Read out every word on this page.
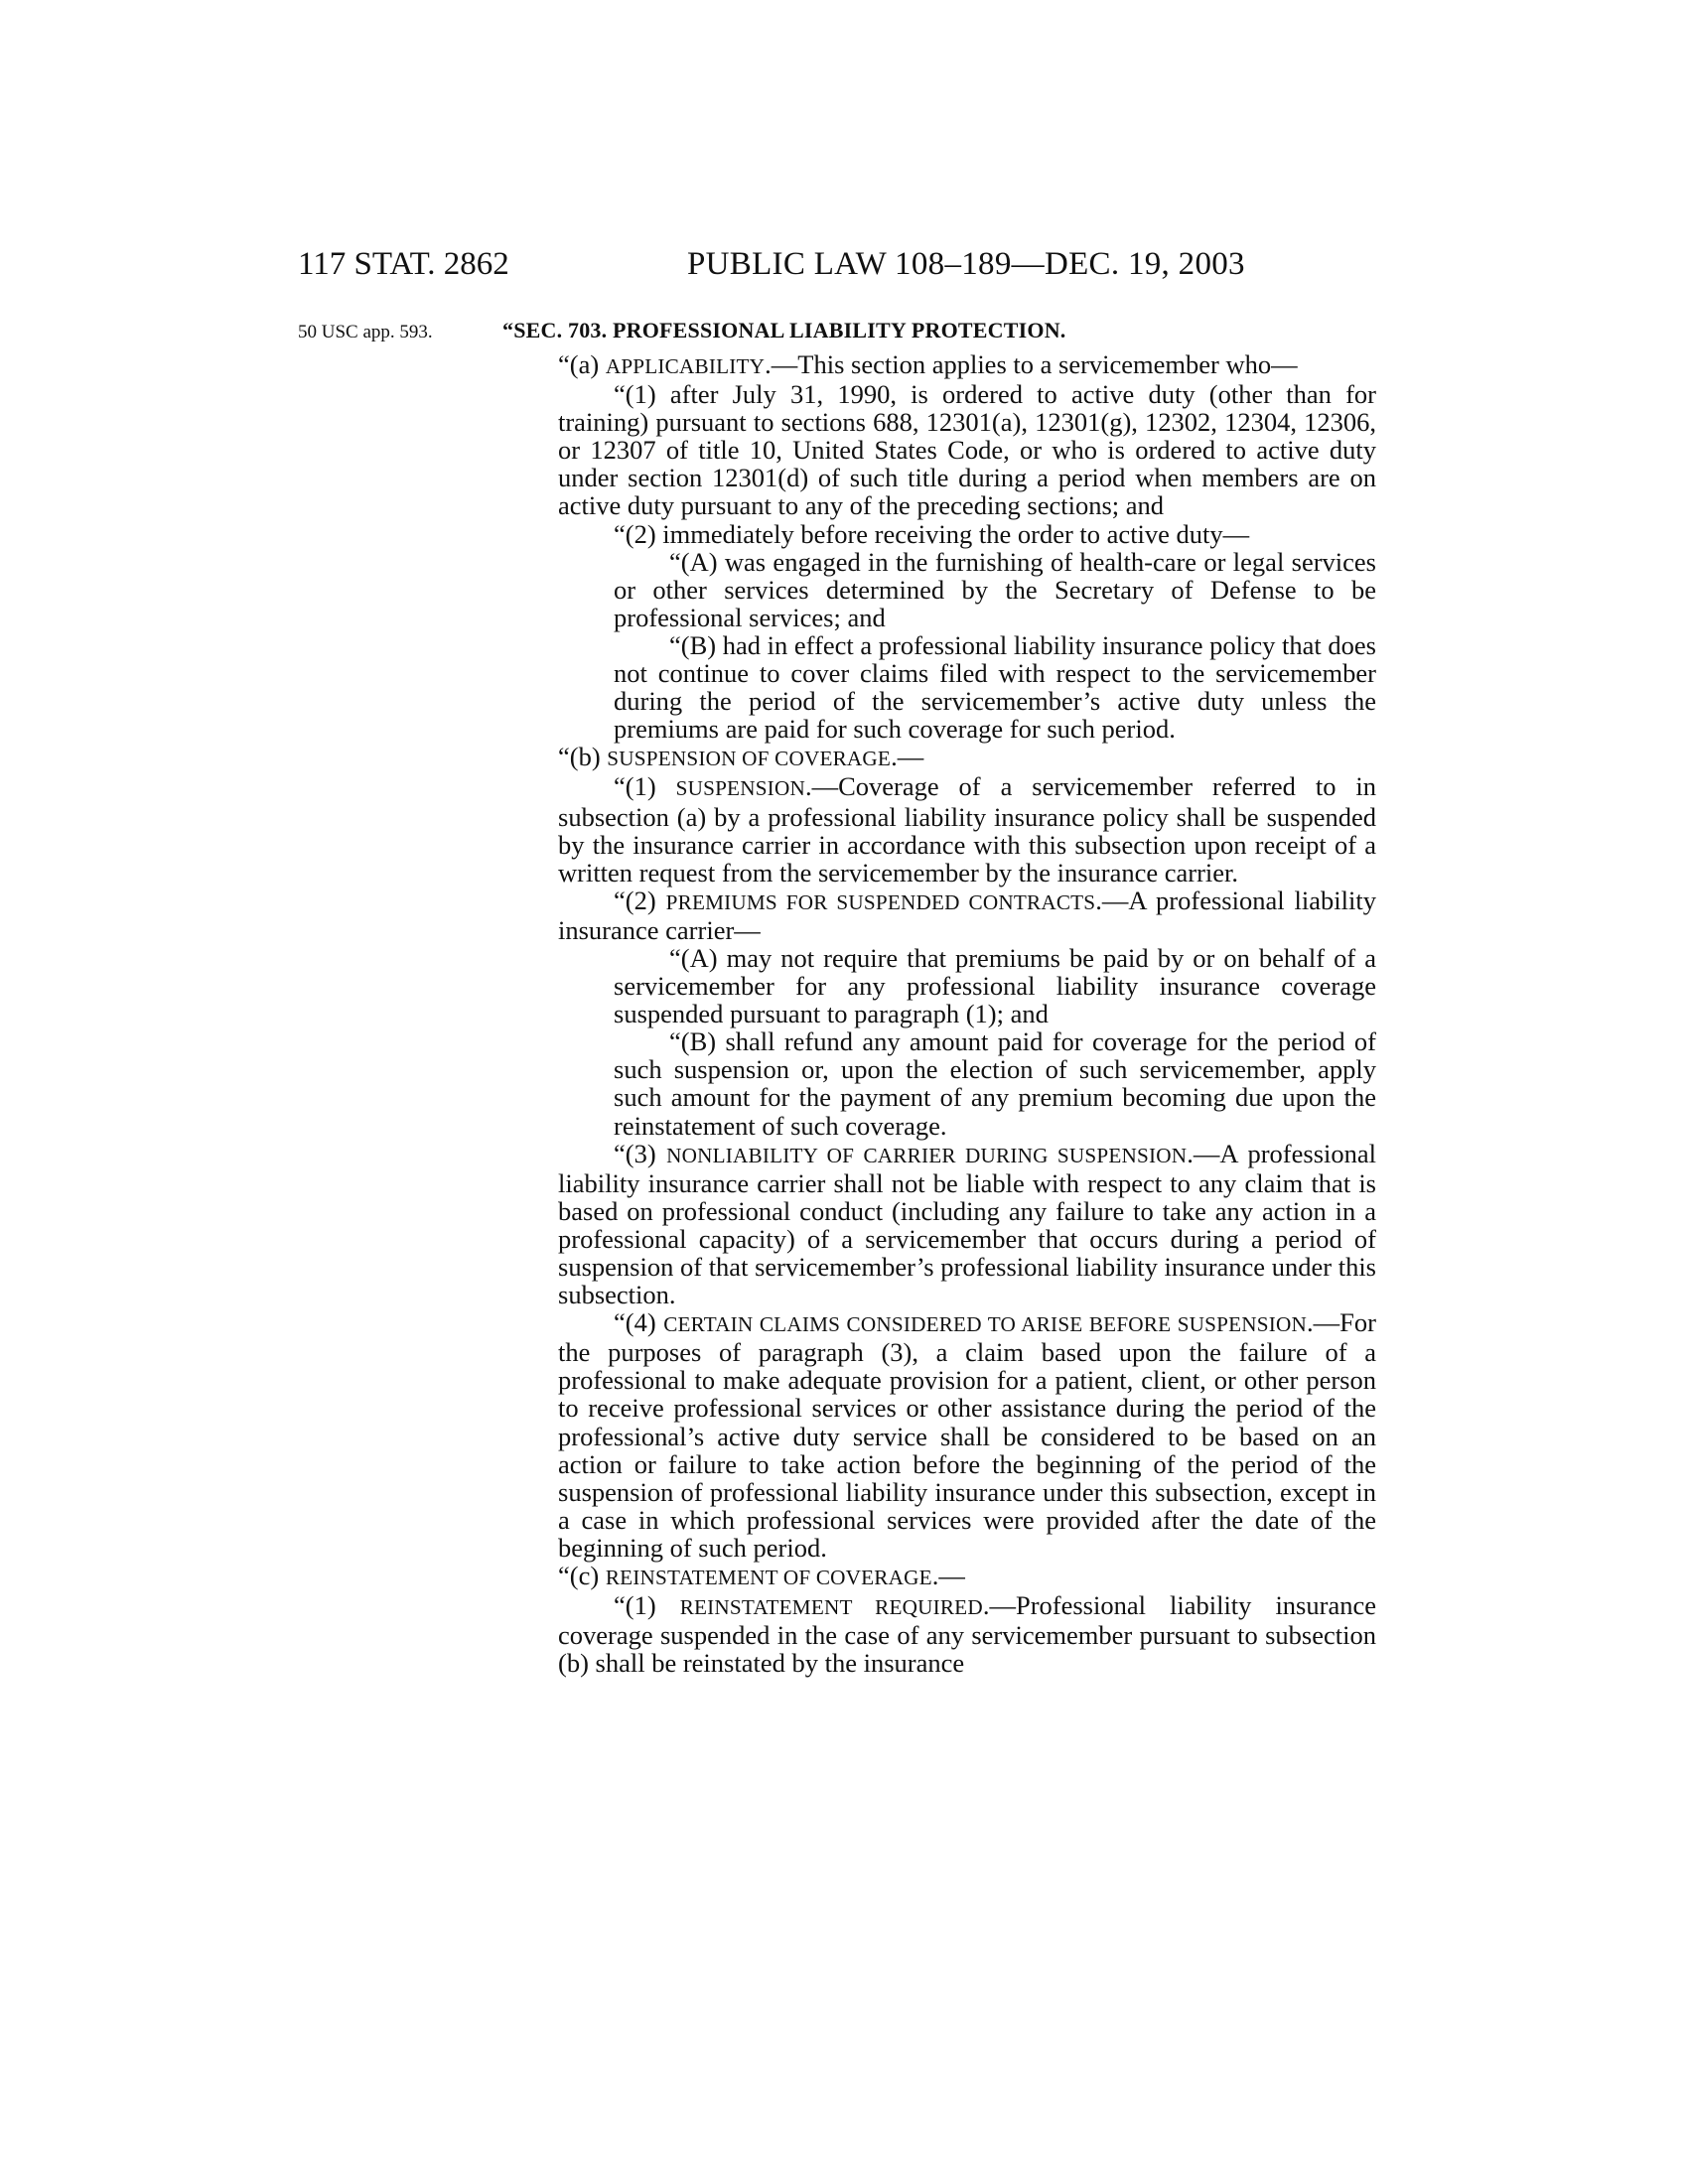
117 STAT. 2862	PUBLIC LAW 108–189—DEC. 19, 2003
50 USC app. 593.	“SEC. 703. PROFESSIONAL LIABILITY PROTECTION.

“(a) APPLICABILITY.—This section applies to a servicemember who—

“(1) after July 31, 1990, is ordered to active duty (other than for training) pursuant to sections 688, 12301(a), 12301(g), 12302, 12304, 12306, or 12307 of title 10, United States Code, or who is ordered to active duty under section 12301(d) of such title during a period when members are on active duty pursuant to any of the preceding sections; and

“(2) immediately before receiving the order to active duty—

“(A) was engaged in the furnishing of health-care or legal services or other services determined by the Secretary of Defense to be professional services; and

“(B) had in effect a professional liability insurance policy that does not continue to cover claims filed with respect to the servicemember during the period of the servicemember’s active duty unless the premiums are paid for such coverage for such period.

“(b) SUSPENSION OF COVERAGE.—

“(1) SUSPENSION.—Coverage of a servicemember referred to in subsection (a) by a professional liability insurance policy shall be suspended by the insurance carrier in accordance with this subsection upon receipt of a written request from the servicemember by the insurance carrier.

“(2) PREMIUMS FOR SUSPENDED CONTRACTS.—A professional liability insurance carrier—

“(A) may not require that premiums be paid by or on behalf of a servicemember for any professional liability insurance coverage suspended pursuant to paragraph (1); and

“(B) shall refund any amount paid for coverage for the period of such suspension or, upon the election of such servicemember, apply such amount for the payment of any premium becoming due upon the reinstatement of such coverage.

“(3) NONLIABILITY OF CARRIER DURING SUSPENSION.—A professional liability insurance carrier shall not be liable with respect to any claim that is based on professional conduct (including any failure to take any action in a professional capacity) of a servicemember that occurs during a period of suspension of that servicemember’s professional liability insurance under this subsection.

“(4) CERTAIN CLAIMS CONSIDERED TO ARISE BEFORE SUSPENSION.—For the purposes of paragraph (3), a claim based upon the failure of a professional to make adequate provision for a patient, client, or other person to receive professional services or other assistance during the period of the professional’s active duty service shall be considered to be based on an action or failure to take action before the beginning of the period of the suspension of professional liability insurance under this subsection, except in a case in which professional services were provided after the date of the beginning of such period.

“(c) REINSTATEMENT OF COVERAGE.—

“(1) REINSTATEMENT REQUIRED.—Professional liability insurance coverage suspended in the case of any servicemember pursuant to subsection (b) shall be reinstated by the insurance
